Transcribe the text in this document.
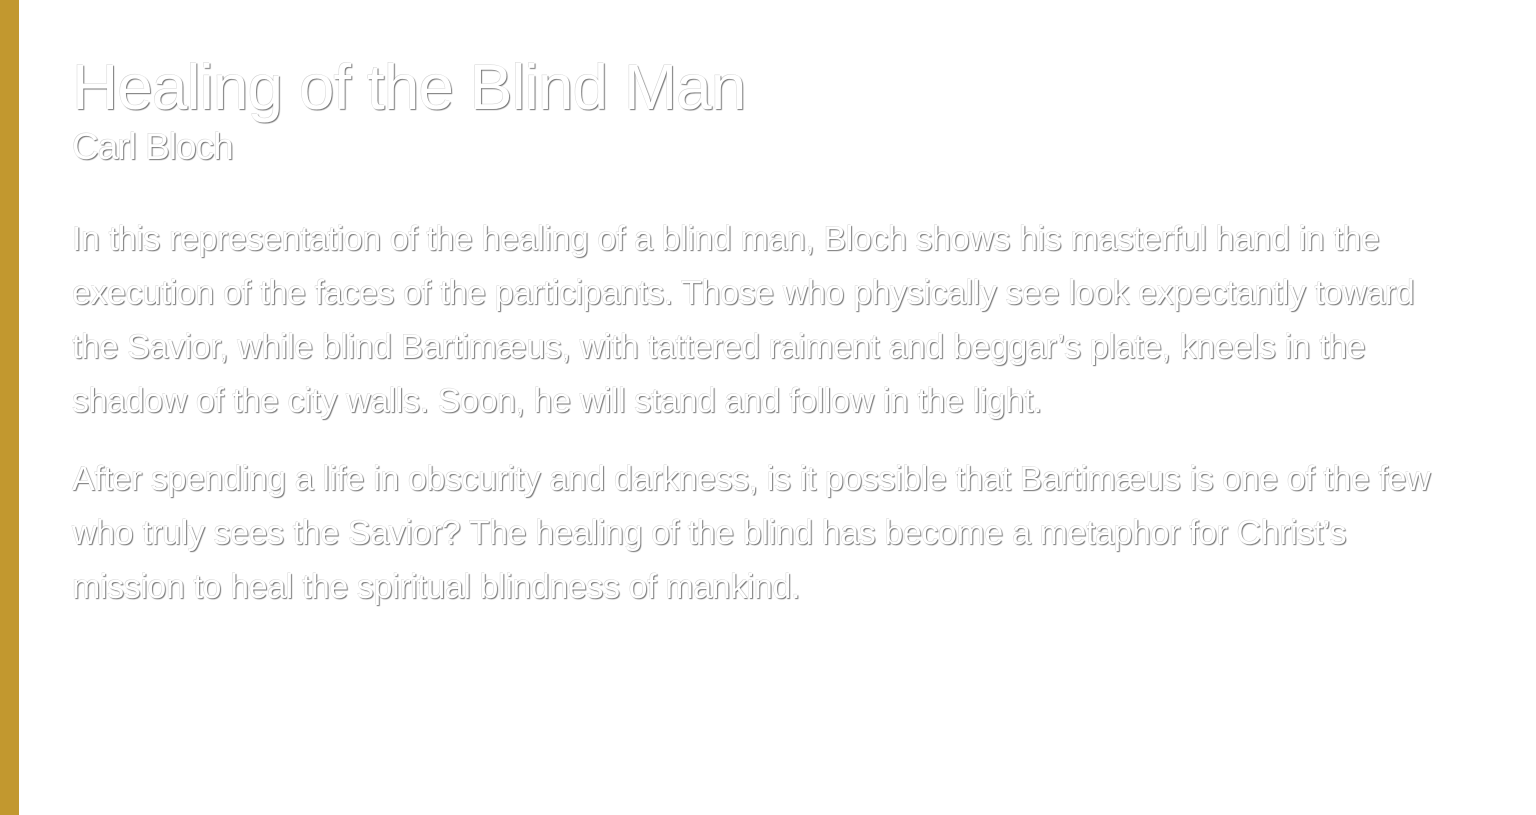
Healing of the Blind Man
Carl Bloch

In this representation of the healing of a blind man, Bloch shows his masterful hand in the execution of the faces of the participants. Those who physically see look expectantly toward the Savior, while blind Bartimæus, with tattered raiment and beggar’s plate, kneels in the shadow of the city walls. Soon, he will stand and follow in the light.

After spending a life in obscurity and darkness, is it possible that Bartimæus is one of the few who truly sees the Savior? The healing of the blind has become a metaphor for Christ’s mission to heal the spiritual blindness of mankind.
